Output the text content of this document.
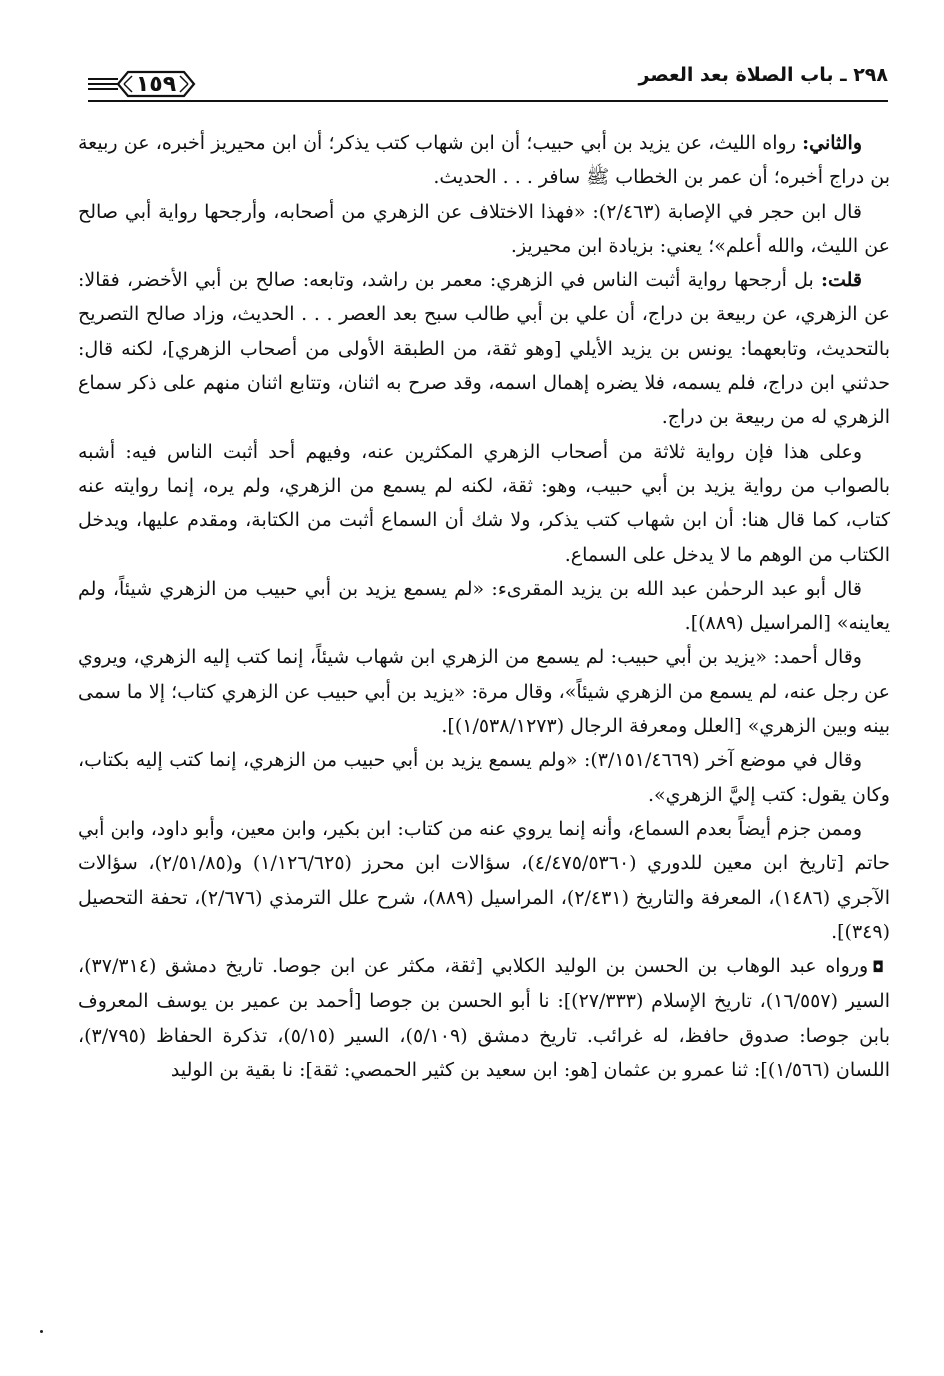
٢٩٨ ـ باب الصلاة بعد العصر
١٥٩

والثاني: رواه الليث، عن يزيد بن أبي حبيب؛ أن ابن شهاب كتب يذكر؛ أن ابن محيريز أخبره، عن ربيعة بن دراج أخبره؛ أن عمر بن الخطاب ﷺ سافر . . . الحديث.

قال ابن حجر في الإصابة (٢/٤٦٣): «فهذا الاختلاف عن الزهري من أصحابه، وأرجحها رواية أبي صالح عن الليث، والله أعلم»؛ يعني: بزيادة ابن محيريز.

قلت: بل أرجحها رواية أثبت الناس في الزهري: معمر بن راشد، وتابعه: صالح بن أبي الأخضر، فقالا: عن الزهري، عن ربيعة بن دراج، أن علي بن أبي طالب سبح بعد العصر . . . الحديث، وزاد صالح التصريح بالتحديث، وتابعهما: يونس بن يزيد الأيلي [وهو ثقة، من الطبقة الأولى من أصحاب الزهري]، لكنه قال: حدثني ابن دراج، فلم يسمه، فلا يضره إهمال اسمه، وقد صرح به اثنان، وتتابع اثنان منهم على ذكر سماع الزهري له من ربيعة بن دراج.

وعلى هذا فإن رواية ثلاثة من أصحاب الزهري المكثرين عنه، وفيهم أحد أثبت الناس فيه: أشبه بالصواب من رواية يزيد بن أبي حبيب، وهو: ثقة، لكنه لم يسمع من الزهري، ولم يره، إنما روايته عنه كتاب، كما قال هنا: أن ابن شهاب كتب يذكر، ولا شك أن السماع أثبت من الكتابة، ومقدم عليها، ويدخل الكتاب من الوهم ما لا يدخل على السماع.

قال أبو عبد الرحمٰن عبد الله بن يزيد المقرىء: «لم يسمع يزيد بن أبي حبيب من الزهري شيئاً، ولم يعاينه» [المراسيل (٨٨٩)].

وقال أحمد: «يزيد بن أبي حبيب: لم يسمع من الزهري ابن شهاب شيئاً، إنما كتب إليه الزهري، ويروي عن رجل عنه، لم يسمع من الزهري شيئاً»، وقال مرة: «يزيد بن أبي حبيب عن الزهري كتاب؛ إلا ما سمى بينه وبين الزهري» [العلل ومعرفة الرجال (١/٥٣٨/١٢٧٣)].

وقال في موضع آخر (٣/١٥١/٤٦٦٩): «ولم يسمع يزيد بن أبي حبيب من الزهري، إنما كتب إليه بكتاب، وكان يقول: كتب إليَّ الزهري».

وممن جزم أيضاً بعدم السماع، وأنه إنما يروي عنه من كتاب: ابن بكير، وابن معين، وأبو داود، وابن أبي حاتم [تاريخ ابن معين للدوري (٤/٤٧٥/٥٣٦٠)، سؤالات ابن محرز (١/١٢٦/٦٢٥) و(٢/٥١/٨٥)، سؤالات الآجري (١٤٨٦)، المعرفة والتاريخ (٢/٤٣١)، المراسيل (٨٨٩)، شرح علل الترمذي (٢/٦٧٦)، تحفة التحصيل (٣٤٩)].

◘ورواه عبد الوهاب بن الحسن بن الوليد الكلابي [ثقة، مكثر عن ابن جوصا. تاريخ دمشق (٣٧/٣١٤)، السير (١٦/٥٥٧)، تاريخ الإسلام (٢٧/٣٣٣)]: نا أبو الحسن بن جوصا [أحمد بن عمير بن يوسف المعروف بابن جوصا: صدوق حافظ، له غرائب. تاريخ دمشق (٥/١٠٩)، السير (٥/١٥)، تذكرة الحفاظ (٣/٧٩٥)، اللسان (١/٥٦٦)]: ثنا عمرو بن عثمان [هو: ابن سعيد بن كثير الحمصي: ثقة]: نا بقية بن الوليد
